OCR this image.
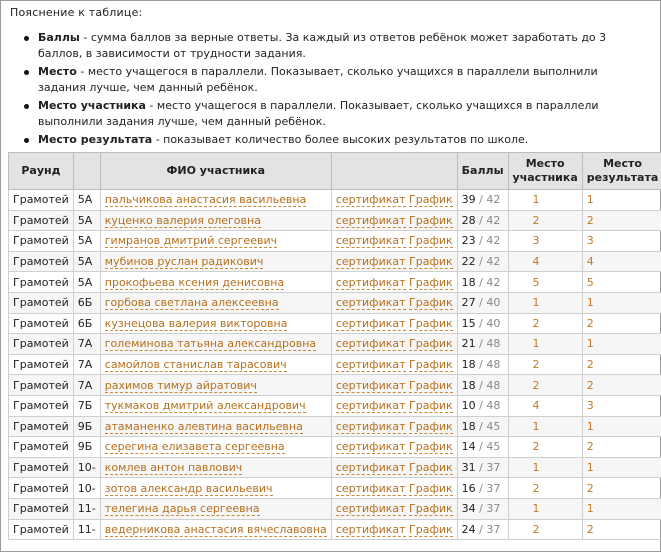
Пояснение к таблице:
Баллы - сумма баллов за верные ответы. За каждый из ответов ребёнок может заработать до 3 баллов, в зависимости от трудности задания.
Место - место учащегося в параллели. Показывает, сколько учащихся в параллели выполнили задания лучше, чем данный ребёнок.
Место участника - место учащегося в параллели. Показывает, сколько учащихся в параллели выполнили задания лучше, чем данный ребёнок.
Место результата - показывает количество более высоких результатов по школе.
Раунд		ФИО участника		Баллы	Место участника	Место результата
Грамотей	5А	пальчикова анастасия васильевна	сертификат График	39 / 42	1	1
Грамотей	5А	куценко валерия олеговна	сертификат График	28 / 42	2	2
Грамотей	5А	гимранов дмитрий сергеевич	сертификат График	23 / 42	3	3
Грамотей	5А	мубинов руслан радикович	сертификат График	22 / 42	4	4
Грамотей	5А	прокофьева ксения денисовна	сертификат График	18 / 42	5	5
Грамотей	6Б	горбова светлана алексеевна	сертификат График	27 / 40	1	1
Грамотей	6Б	кузнецова валерия викторовна	сертификат График	15 / 40	2	2
Грамотей	7А	големинова татьяна александровна	сертификат График	21 / 48	1	1
Грамотей	7А	самойлов станислав тарасович	сертификат График	18 / 48	2	2
Грамотей	7А	рахимов тимур айратович	сертификат График	18 / 48	2	2
Грамотей	7Б	тукмаков дмитрий александрович	сертификат График	10 / 48	4	3
Грамотей	9Б	атаманенко алевтина васильевна	сертификат График	18 / 45	1	1
Грамотей	9Б	серегина елизавета сергеевна	сертификат График	14 / 45	2	2
Грамотей	10-	комлев антон павлович	сертификат График	31 / 37	1	1
Грамотей	10-	зотов александр васильевич	сертификат График	16 / 37	2	2
Грамотей	11-	телегина дарья сергеевна	сертификат График	34 / 37	1	1
Грамотей	11-	ведерникова анастасия вячеславовна	сертификат График	24 / 37	2	2
